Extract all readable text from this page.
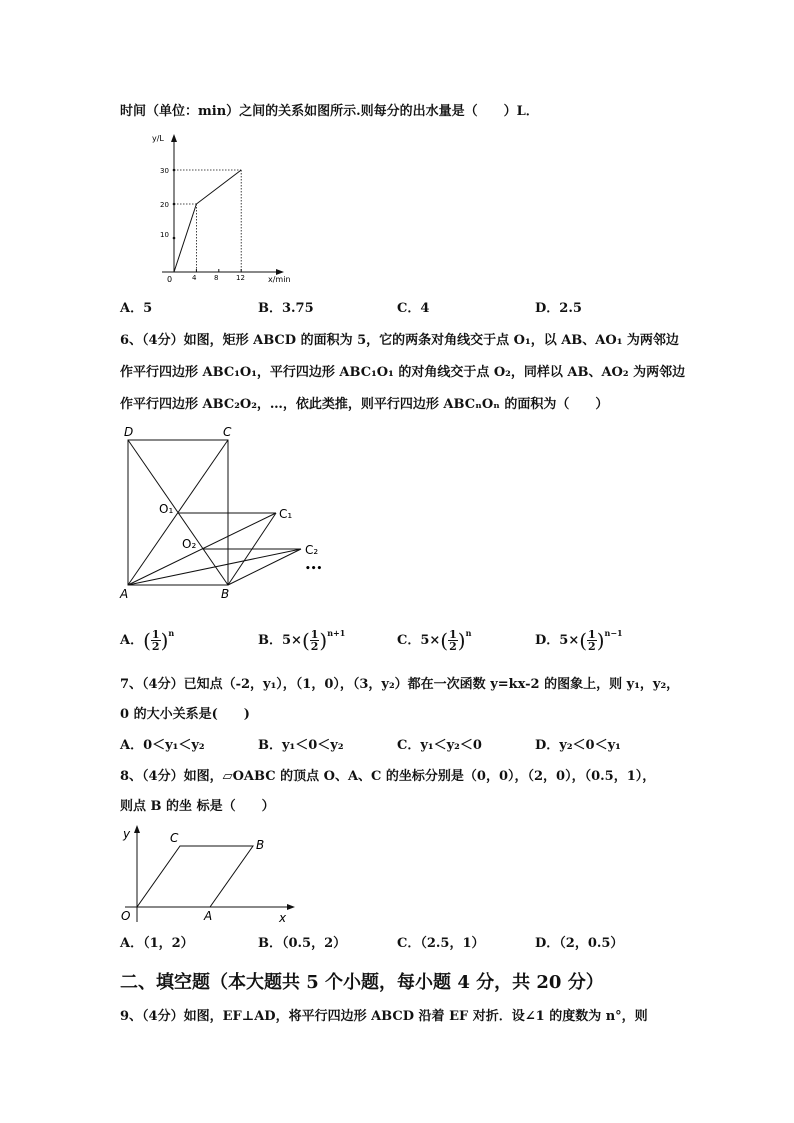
时间（单位：min）之间的关系如图所示.则每分的出水量是（　　）L．
y/L
x/min
0	4	8	12
10
20
30
A．5	B．3.75	C．4	D．2.5
6、（4分）如图，矩形 ABCD 的面积为 5，它的两条对角线交于点 O₁，以 AB、AO₁ 为两邻边
作平行四边形 ABC₁O₁，平行四边形 ABC₁O₁ 的对角线交于点 O₂，同样以 AB、AO₂ 为两邻边
作平行四边形 ABC₂O₂，…，依此类推，则平行四边形 ABCₙOₙ 的面积为（　　）
D	C
A	B
O₁
O₂
C₁
C₂
•••
A．( $\frac{1}{2} )^n$	B．$5\times( \frac{1}{2} )^{n+1}$	C．$5\times( \frac{1}{2} )^n$	D．$5\times( \frac{1}{2} )^{n-1}$
7、（4分）已知点（-2，y₁），（1，0），（3，y₂）都在一次函数 y=kx-2 的图象上，则 y₁，y₂，
0 的大小关系是(　　)
A．0＜y₁＜y₂	B．y₁＜0＜y₂	C．y₁＜y₂＜0	D．y₂＜0＜y₁
8、（4分）如图，▱OABC 的顶点 O、A、C 的坐标分别是（0，0），（2，0），（0.5，1），
则点 B 的坐 标是（　　）
y
x
O	A
B
C
A．（1，2）	B．（0.5，2）	C．（2.5，1）	D．（2，0.5）
二、填空题（本大题共 5 个小题，每小题 4 分，共 20 分）
9、（4分）如图，EF⊥AD，将平行四边形 ABCD 沿着 EF 对折．设∠1 的度数为 n°，则
